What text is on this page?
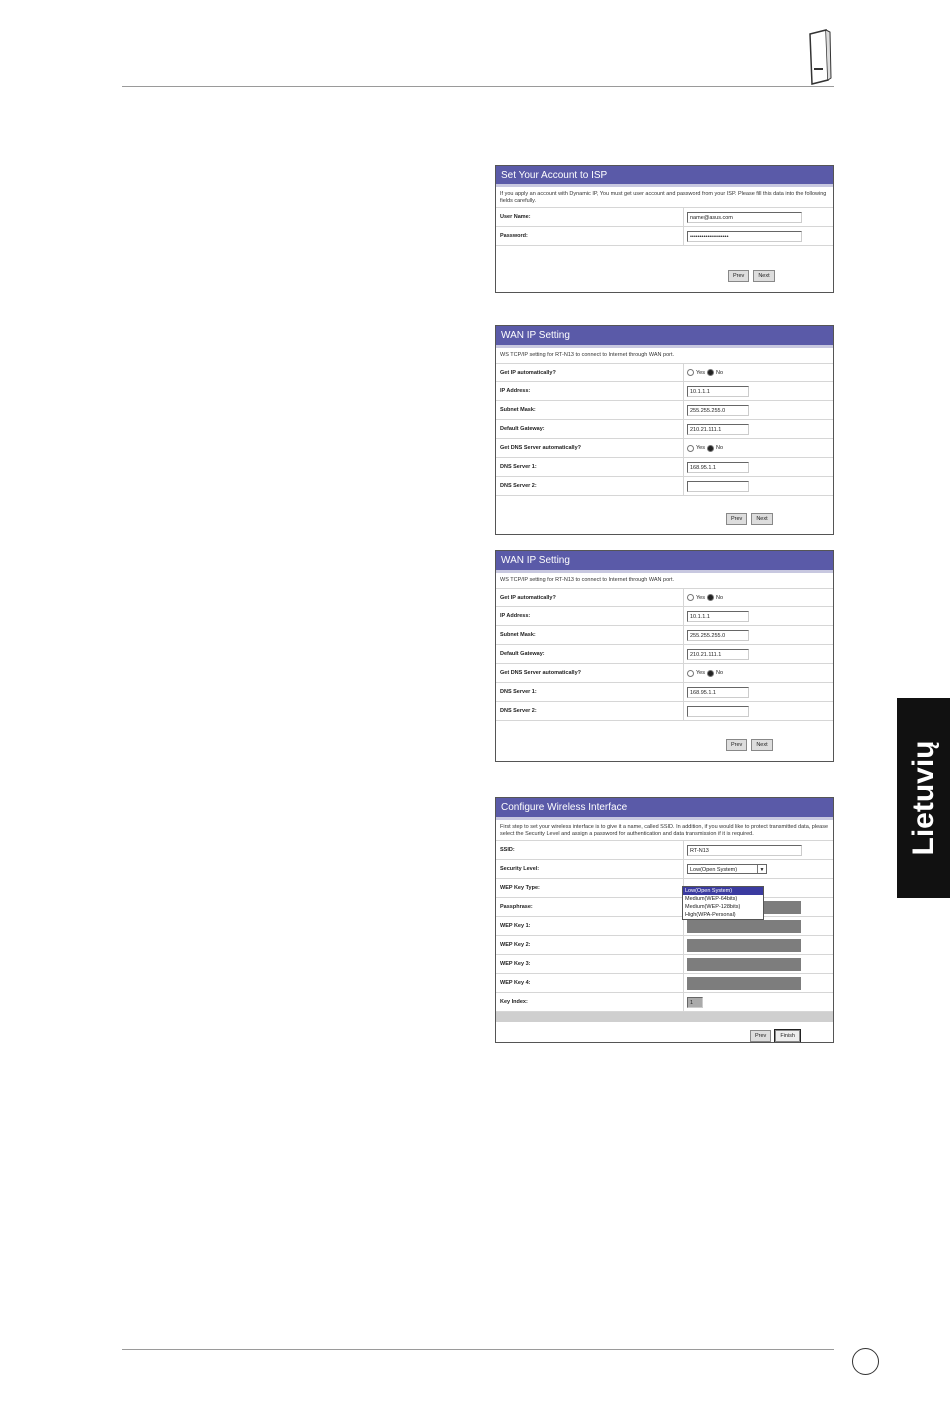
Lietuvių
Set Your Account to ISP
If you apply an account with Dynamic IP, You must get user account and password from your ISP. Please fill this data into the following fields carefully.
User Name:	name@asus.com
Password:	••••••••••••••••••••
Prev	Next
WAN IP Setting
WS TCP/IP setting for RT-N13 to connect to Internet through WAN port.
Get IP automatically?	Yes No
IP Address:	10.1.1.1
Subnet Mask:	255.255.255.0
Default Gateway:	210.21.111.1
Get DNS Server automatically?	Yes No
DNS Server 1:	168.95.1.1
DNS Server 2:
Prev	Next
WAN IP Setting
WS TCP/IP setting for RT-N13 to connect to Internet through WAN port.
Get IP automatically?	Yes No
IP Address:	10.1.1.1
Subnet Mask:	255.255.255.0
Default Gateway:	210.21.111.1
Get DNS Server automatically?	Yes No
DNS Server 1:	168.95.1.1
DNS Server 2:
Prev	Next
Configure Wireless Interface
First step to set your wireless interface is to give it a name, called SSID. In addition, if you would like to protect transmitted data, please select the Security Level and assign a password for authentication and data transmission if it is required.
SSID:	RT-N13
Security Level:	Low(Open System)	▼
WEP Key Type:
Passphrase:
WEP Key 1:
WEP Key 2:
WEP Key 3:
WEP Key 4:
Key Index:	1
Prev	Finish
Low(Open System)
Medium(WEP-64bits)
Medium(WEP-128bits)
High(WPA-Personal)
